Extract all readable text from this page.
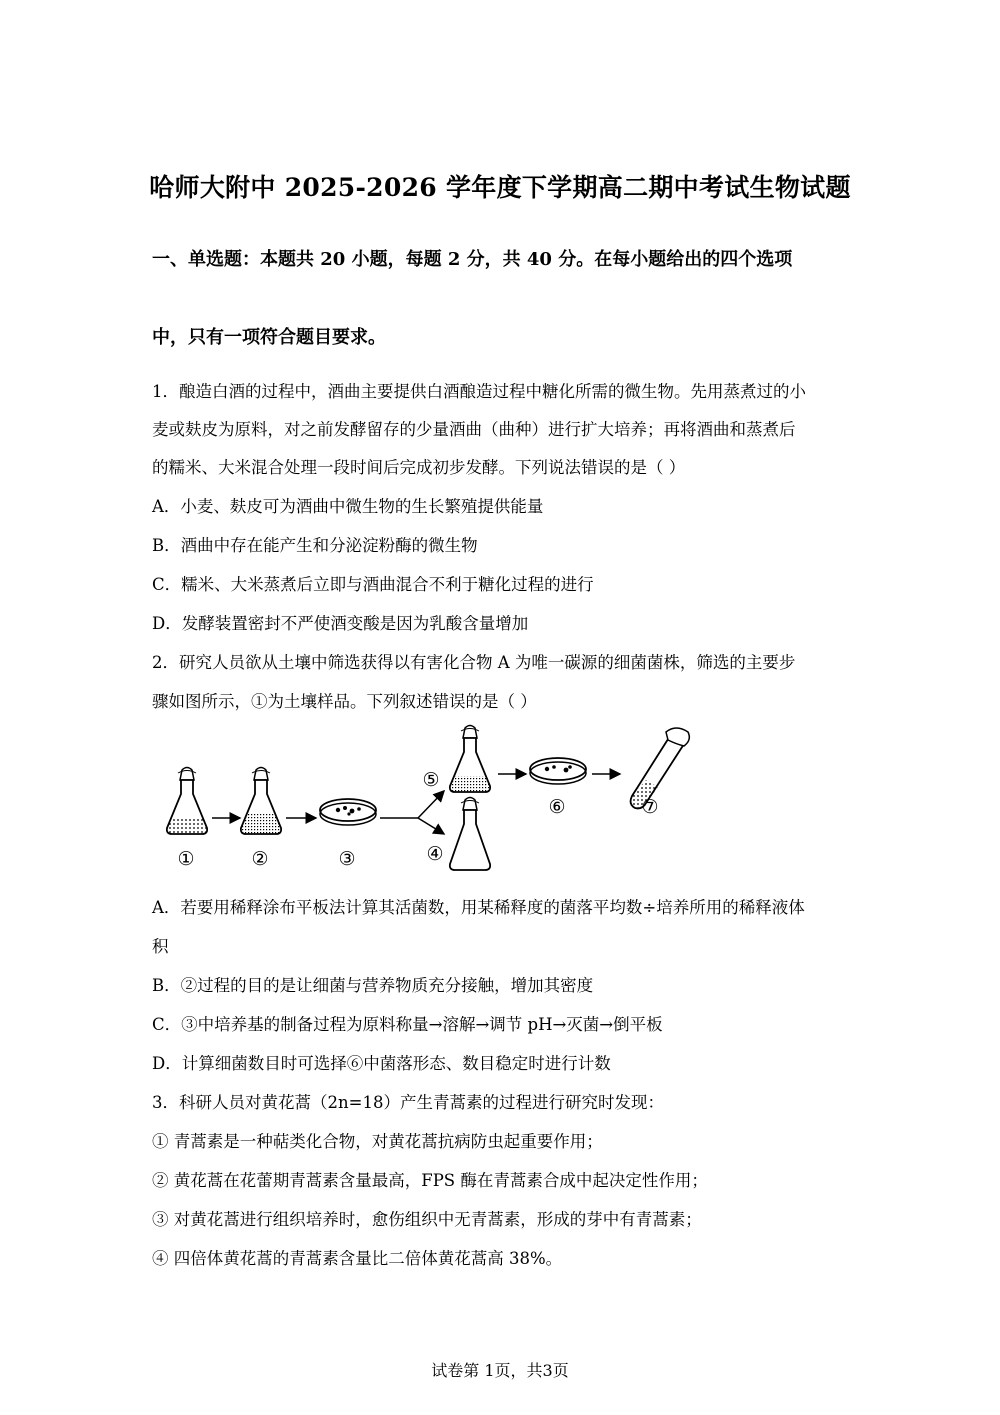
哈师大附中 2025-2026 学年度下学期高二期中考试生物试题
一、单选题：本题共 20 小题，每题 2 分，共 40 分。在每小题给出的四个选项
中，只有一项符合题目要求。
1．酿造白酒的过程中，酒曲主要提供白酒酿造过程中糖化所需的微生物。先用蒸煮过的小
麦或麸皮为原料，对之前发酵留存的少量酒曲（曲种）进行扩大培养；再将酒曲和蒸煮后
的糯米、大米混合处理一段时间后完成初步发酵。下列说法错误的是（ ）
A．小麦、麸皮可为酒曲中微生物的生长繁殖提供能量
B．酒曲中存在能产生和分泌淀粉酶的微生物
C．糯米、大米蒸煮后立即与酒曲混合不利于糖化过程的进行
D．发酵装置密封不严使酒变酸是因为乳酸含量增加
2．研究人员欲从土壤中筛选获得以有害化合物 A 为唯一碳源的细菌菌株，筛选的主要步
骤如图所示，①为土壤样品。下列叙述错误的是（ ）
①	②	③	④
⑤
⑥	⑦
A．若要用稀释涂布平板法计算其活菌数，用某稀释度的菌落平均数÷培养所用的稀释液体
积
B．②过程的目的是让细菌与营养物质充分接触，增加其密度
C．③中培养基的制备过程为原料称量→溶解→调节 pH→灭菌→倒平板
D．计算细菌数目时可选择⑥中菌落形态、数目稳定时进行计数
3．科研人员对黄花蒿（2n=18）产生青蒿素的过程进行研究时发现：
① 青蒿素是一种萜类化合物，对黄花蒿抗病防虫起重要作用；
② 黄花蒿在花蕾期青蒿素含量最高，FPS 酶在青蒿素合成中起决定性作用；
③ 对黄花蒿进行组织培养时，愈伤组织中无青蒿素，形成的芽中有青蒿素；
④ 四倍体黄花蒿的青蒿素含量比二倍体黄花蒿高 38%。
试卷第 1页，共3页
